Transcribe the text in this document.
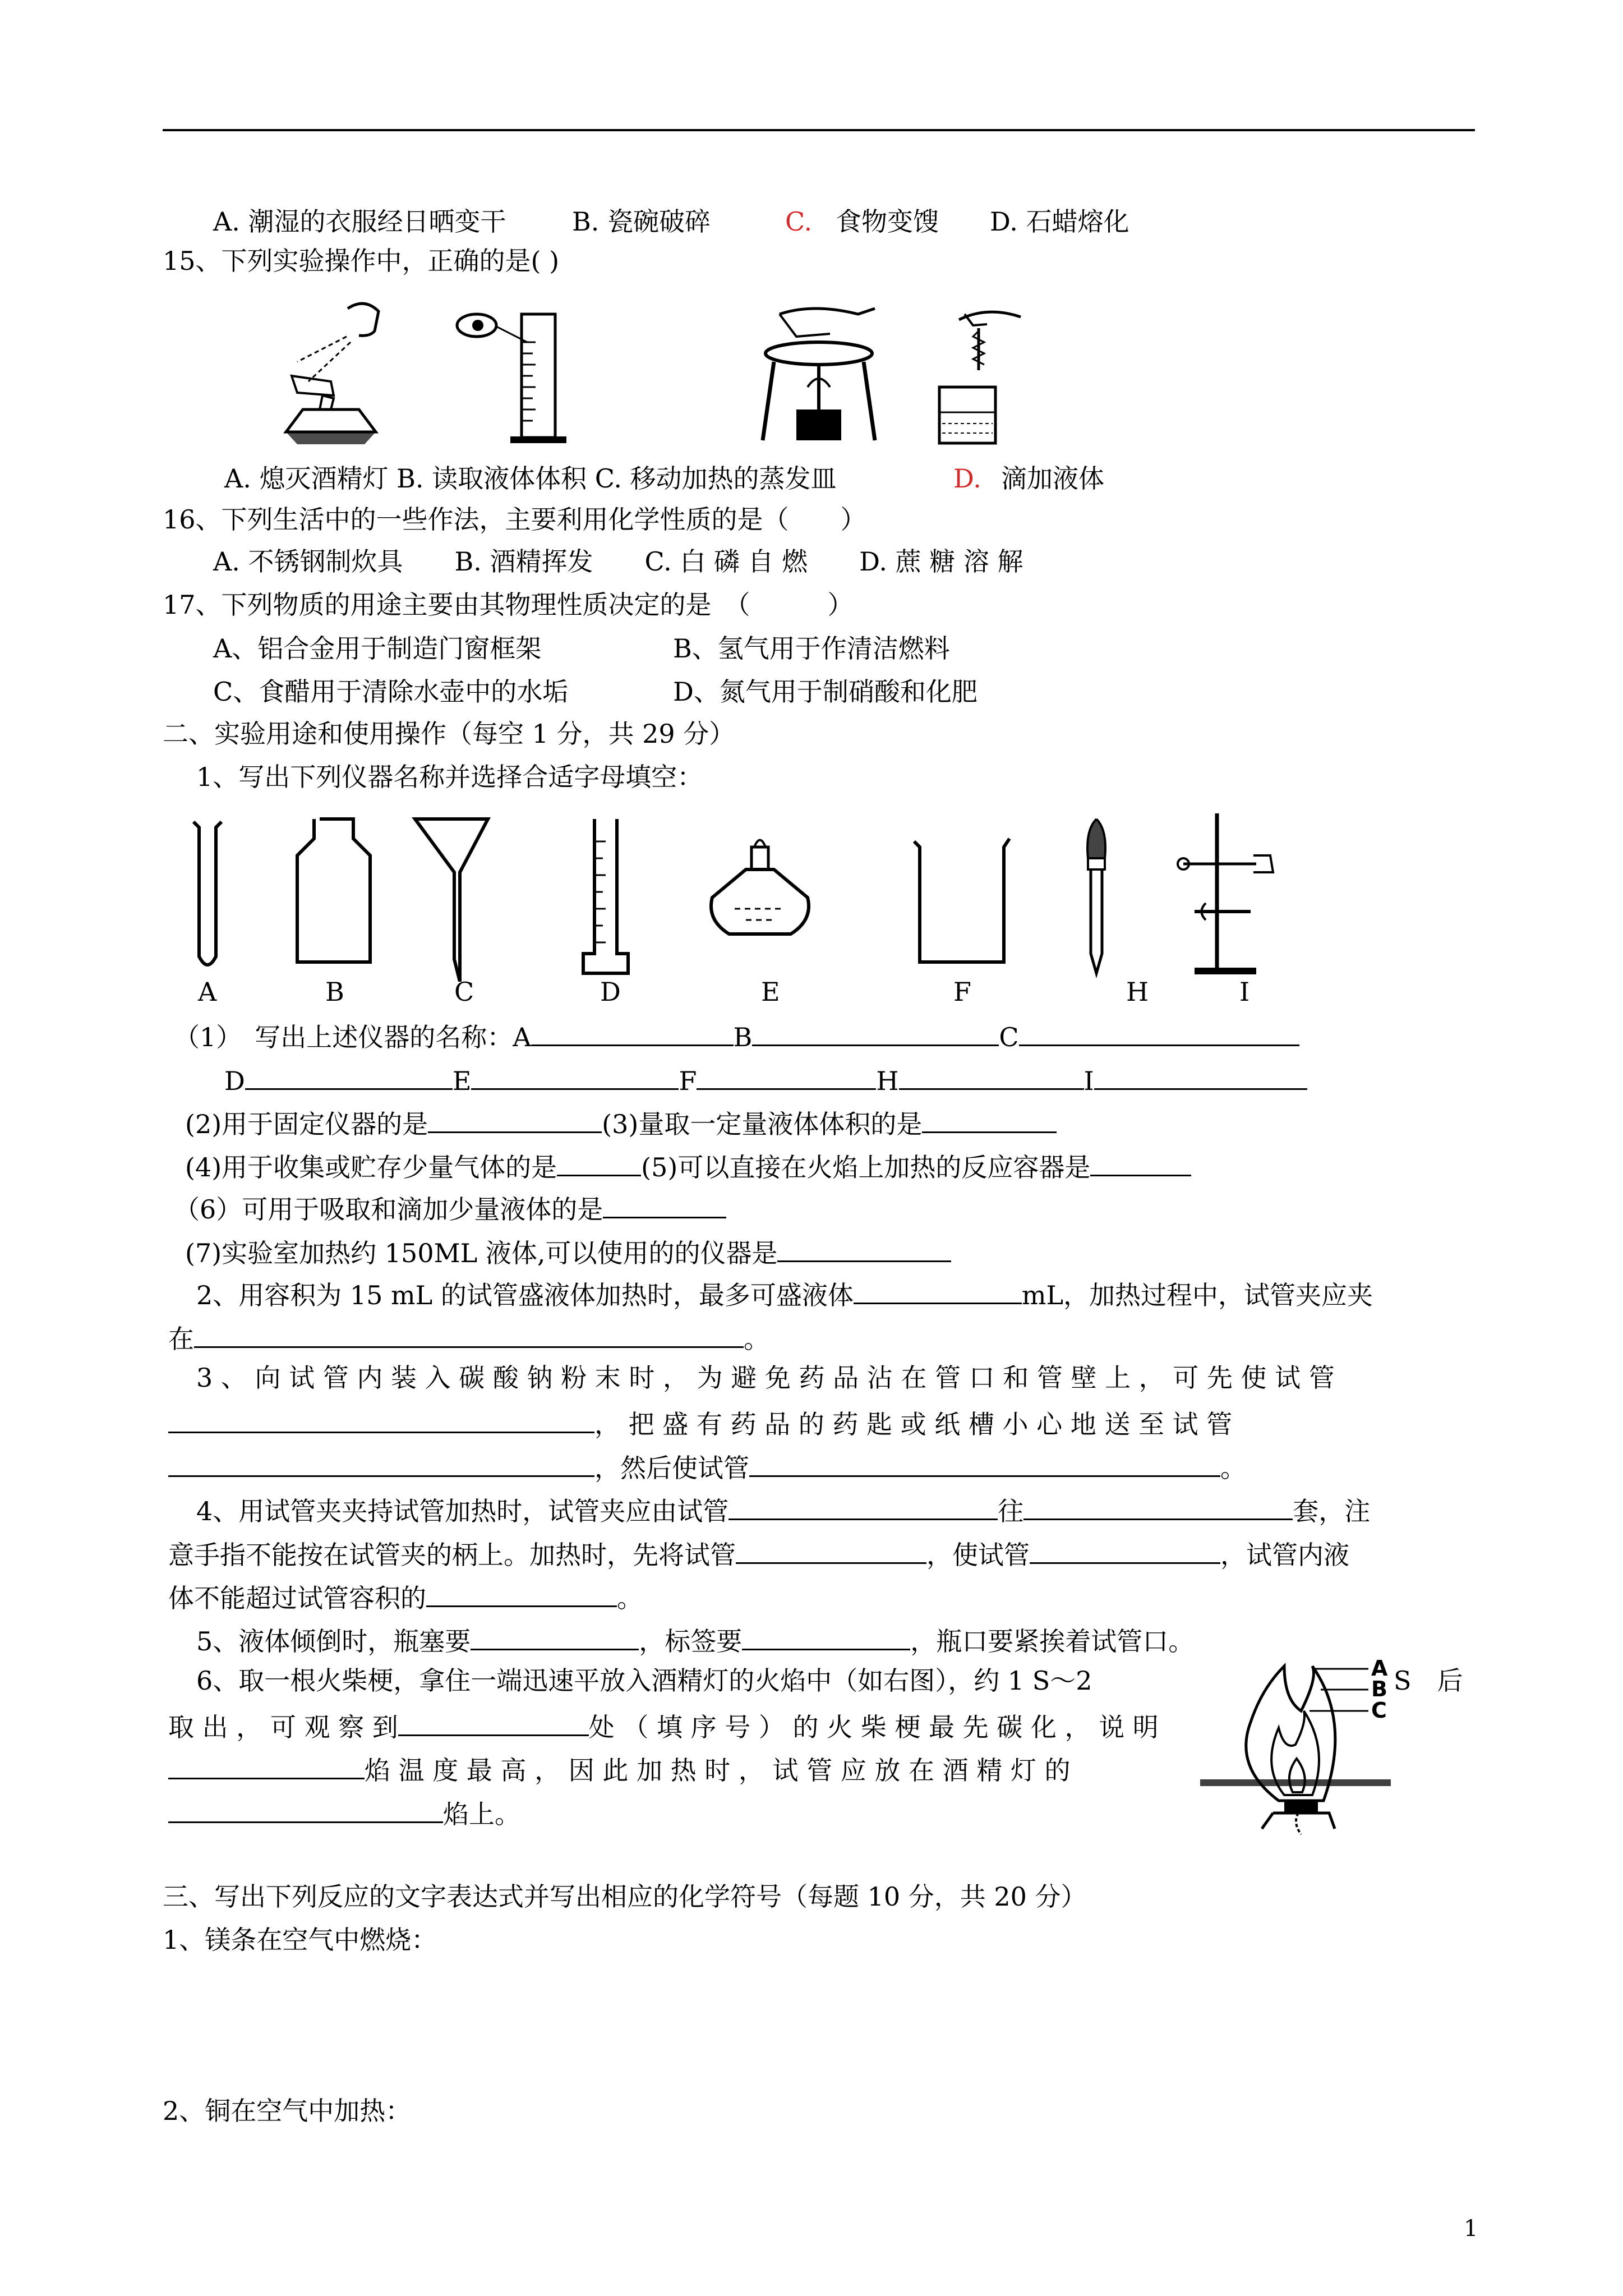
A. 潮湿的衣服经日晒变干	B. 瓷碗破碎	C. 食物变馊 D. 石蜡熔化
15、下列实验操作中，正确的是( )
A. 熄灭酒精灯 B. 读取液体体积 C. 移动加热的蒸发皿	D. 滴加液体
16、下列生活中的一些作法，主要利用化学性质的是（　　）
A. 不锈钢制炊具　　B. 酒精挥发　　C. 白 磷 自 燃　　D. 蔗 糖 溶 解
17、下列物质的用途主要由其物理性质决定的是　（　　　）
A、铝合金用于制造门窗框架	B、氢气用于作清洁燃料
C、食醋用于清除水壶中的水垢	D、氮气用于制硝酸和化肥
二、实验用途和使用操作（每空 1 分，共 29 分）
1、写出下列仪器名称并选择合适字母填空：
A	B	C	D	E	F	H	I
（1）　写出上述仪器的名称：A	B	C
D	E	F	H	I
(2)用于固定仪器的是	(3)量取一定量液体体积的是
(4)用于收集或贮存少量气体的是	(5)可以直接在火焰上加热的反应容器是
（6）可用于吸取和滴加少量液体的是
(7)实验室加热约 150ML 液体,可以使用的的仪器是
2、用容积为 15 mL 的试管盛液体加热时，最多可盛液体	mL，加热过程中，试管夹应夹
在	。
3 、 向 试 管 内 装 入 碳 酸 钠 粉 末 时 ， 为 避 免 药 品 沾 在 管 口 和 管 壁 上 ， 可 先 使 试 管
， 把 盛 有 药 品 的 药 匙 或 纸 槽 小 心 地 送 至 试 管
，然后使试管	。
4、用试管夹夹持试管加热时，试管夹应由试管	往	套，注
意手指不能按在试管夹的柄上。加热时，先将试管	，使试管	，试管内液
体不能超过试管容积的	。
5、液体倾倒时，瓶塞要	，标签要	，瓶口要紧挨着试管口。
6、取一根火柴梗，拿住一端迅速平放入酒精灯的火焰中（如右图），约 1 S～2	S　后
取 出 ， 可 观 察 到	处 （ 填 序 号 ） 的 火 柴 梗 最 先 碳 化 ， 说 明
焰 温 度 最 高 ， 因 此 加 热 时 ， 试 管 应 放 在 酒 精 灯 的
焰上。
A
B
C
三、写出下列反应的文字表达式并写出相应的化学符号（每题 10 分，共 20 分）
1、镁条在空气中燃烧：
2、铜在空气中加热：
1
